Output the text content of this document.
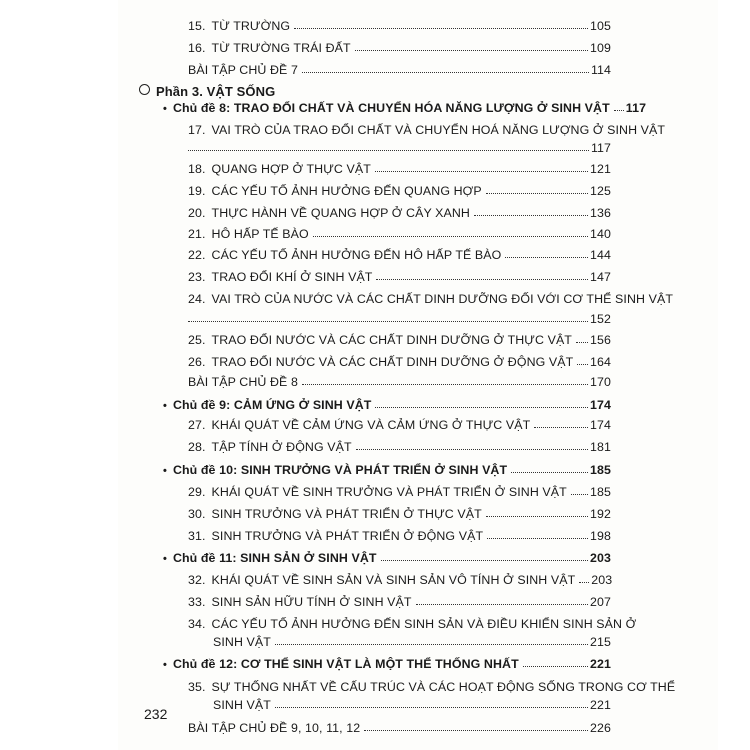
15. TỪ TRƯỜNG	105
16. TỪ TRƯỜNG TRÁI ĐẤT	109
BÀI TẬP CHỦ ĐỀ 7	114
Phần 3. VẬT SỐNG
• Chủ đề 8: TRAO ĐỔI CHẤT VÀ CHUYỂN HÓA NĂNG LƯỢNG Ở SINH VẬT 117
17. VAI TRÒ CỦA TRAO ĐỔI CHẤT VÀ CHUYỂN HOÁ NĂNG LƯỢNG Ở SINH VẬT
117
18. QUANG HỢP Ở THỰC VẬT	121
19. CÁC YẾU TỐ ẢNH HƯỞNG ĐẾN QUANG HỢP	125
20. THỰC HÀNH VỀ QUANG HỢP Ở CÂY XANH	136
21. HÔ HẤP TẾ BÀO	140
22. CÁC YẾU TỐ ẢNH HƯỞNG ĐẾN HÔ HẤP TẾ BÀO	144
23. TRAO ĐỔI KHÍ Ở SINH VẬT	147
24. VAI TRÒ CỦA NƯỚC VÀ CÁC CHẤT DINH DƯỠNG ĐỐI VỚI CƠ THỂ SINH VẬT
152
25. TRAO ĐỔI NƯỚC VÀ CÁC CHẤT DINH DƯỠNG Ở THỰC VẬT 156
26. TRAO ĐỔI NƯỚC VÀ CÁC CHẤT DINH DƯỠNG Ở ĐỘNG VẬT 164
BÀI TẬP CHỦ ĐỀ 8	170
• Chủ đề 9: CẢM ỨNG Ở SINH VẬT	174
27. KHÁI QUÁT VỀ CẢM ỨNG VÀ CẢM ỨNG Ở THỰC VẬT	174
28. TẬP TÍNH Ở ĐỘNG VẬT	181
• Chủ đề 10: SINH TRƯỞNG VÀ PHÁT TRIỂN Ở SINH VẬT	185
29. KHÁI QUÁT VỀ SINH TRƯỞNG VÀ PHÁT TRIỂN Ở SINH VẬT 185
30. SINH TRƯỞNG VÀ PHÁT TRIỂN Ở THỰC VẬT	192
31. SINH TRƯỞNG VÀ PHÁT TRIỂN Ở ĐỘNG VẬT	198
• Chủ đề 11: SINH SẢN Ở SINH VẬT	203
32. KHÁI QUÁT VỀ SINH SẢN VÀ SINH SẢN VÔ TÍNH Ở SINH VẬT 203
33. SINH SẢN HỮU TÍNH Ở SINH VẬT	207
34. CÁC YẾU TỐ ẢNH HƯỞNG ĐẾN SINH SẢN VÀ ĐIỀU KHIỂN SINH SẢN Ở
SINH VẬT	215
• Chủ đề 12: CƠ THỂ SINH VẬT LÀ MỘT THỂ THỐNG NHẤT	221
35. SỰ THỐNG NHẤT VỀ CẤU TRÚC VÀ CÁC HOẠT ĐỘNG SỐNG TRONG CƠ THỂ
SINH VẬT	221
BÀI TẬP CHỦ ĐỀ 9, 10, 11, 12	226
232
